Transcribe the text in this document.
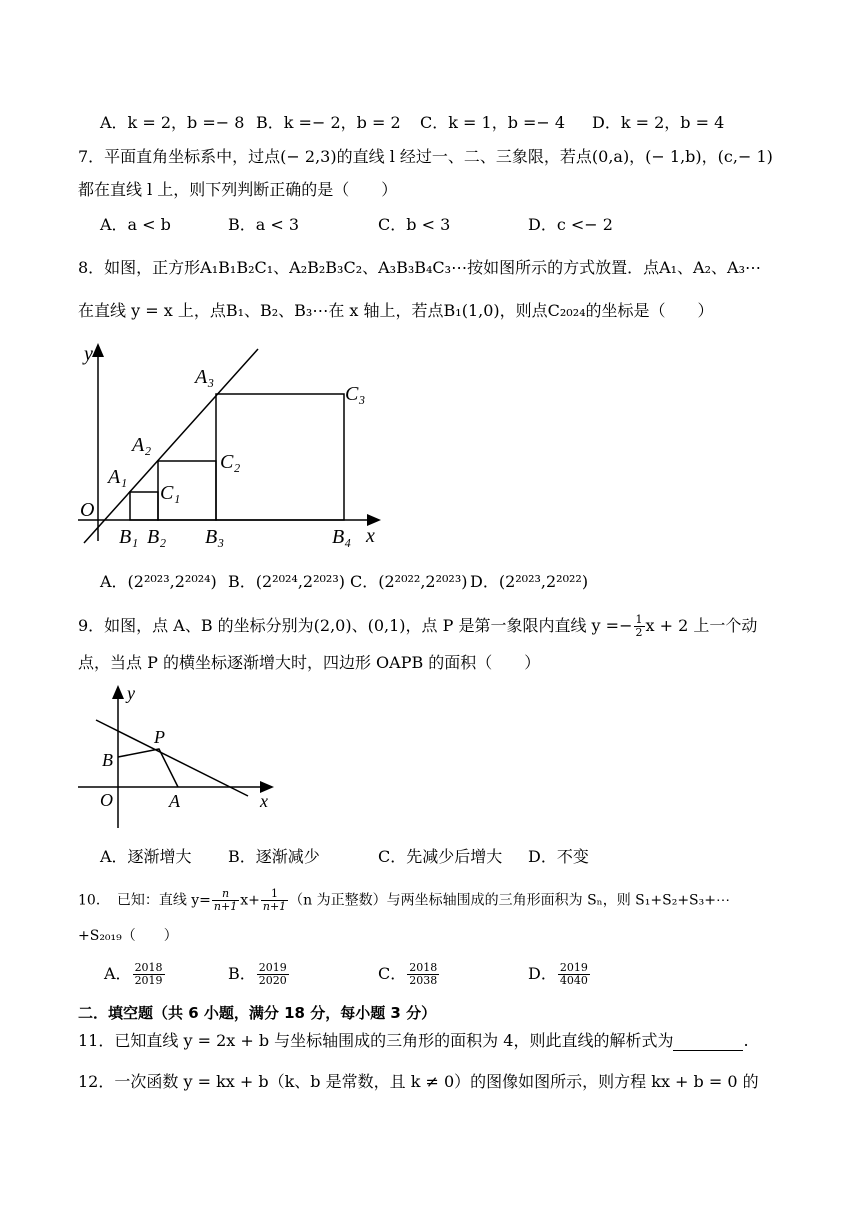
A．k = 2，b =− 8 B．k =− 2，b = 2 C．k = 1，b =− 4 D．k = 2，b = 4
7．平面直角坐标系中，过点(− 2,3)的直线 l 经过一、二、三象限，若点(0,a)，(− 1,b)，(c,− 1)
都在直线 l 上，则下列判断正确的是（　　）
A．a < b	B．a < 3	C．b < 3	D．c <− 2
8．如图，正方形A₁B₁B₂C₁、A₂B₂B₃C₂、A₃B₃B₄C₃⋯按如图所示的方式放置．点A₁、A₂、A₃⋯
在直线 y = x 上，点B₁、B₂、B₃⋯在 x 轴上，若点B₁(1,0)，则点C₂₀₂₄的坐标是（　　）
y
x
O
A₁
A₂
A₃
B₁ B₂ B₃	B₄
C₁
C₂
C₃
A．(2²⁰²³,2²⁰²⁴) B．(2²⁰²⁴,2²⁰²³) C．(2²⁰²²,2²⁰²³) D．(2²⁰²³,2²⁰²²)
9．如图，点 A、B 的坐标分别为(2,0)、(0,1)，点 P 是第一象限内直线 $y =- \frac{1}{2}$ x + 2 上一个动
点，当点 P 的横坐标逐渐增大时，四边形 OAPB 的面积（　　）
y
x
O	A
B
P
A．逐渐增大 B．逐渐减少	C．先减少后增大 D．不变
10．　已知：直线 $y= \frac{n}{n+1} x+ \frac{1}{n+1} (n$ 为正整数）与两坐标轴围成的三角形面积为 Sₙ，则 S₁+S₂+S₃+⋯
+S₂₀₁₉（　　）
A． $\frac{2018}{2019}$	B． $\frac{2019}{2020}$	C． $\frac{2018}{2038}$	D． $\frac{2019}{4040}$
二．填空题（共 6 小题，满分 18 分，每小题 3 分）
11．已知直线 y = 2x + b 与坐标轴围成的三角形的面积为 4，则此直线的解析式为	.
12．一次函数 y = kx + b（k、b 是常数，且 k ≠ 0）的图像如图所示，则方程 kx + b = 0 的
